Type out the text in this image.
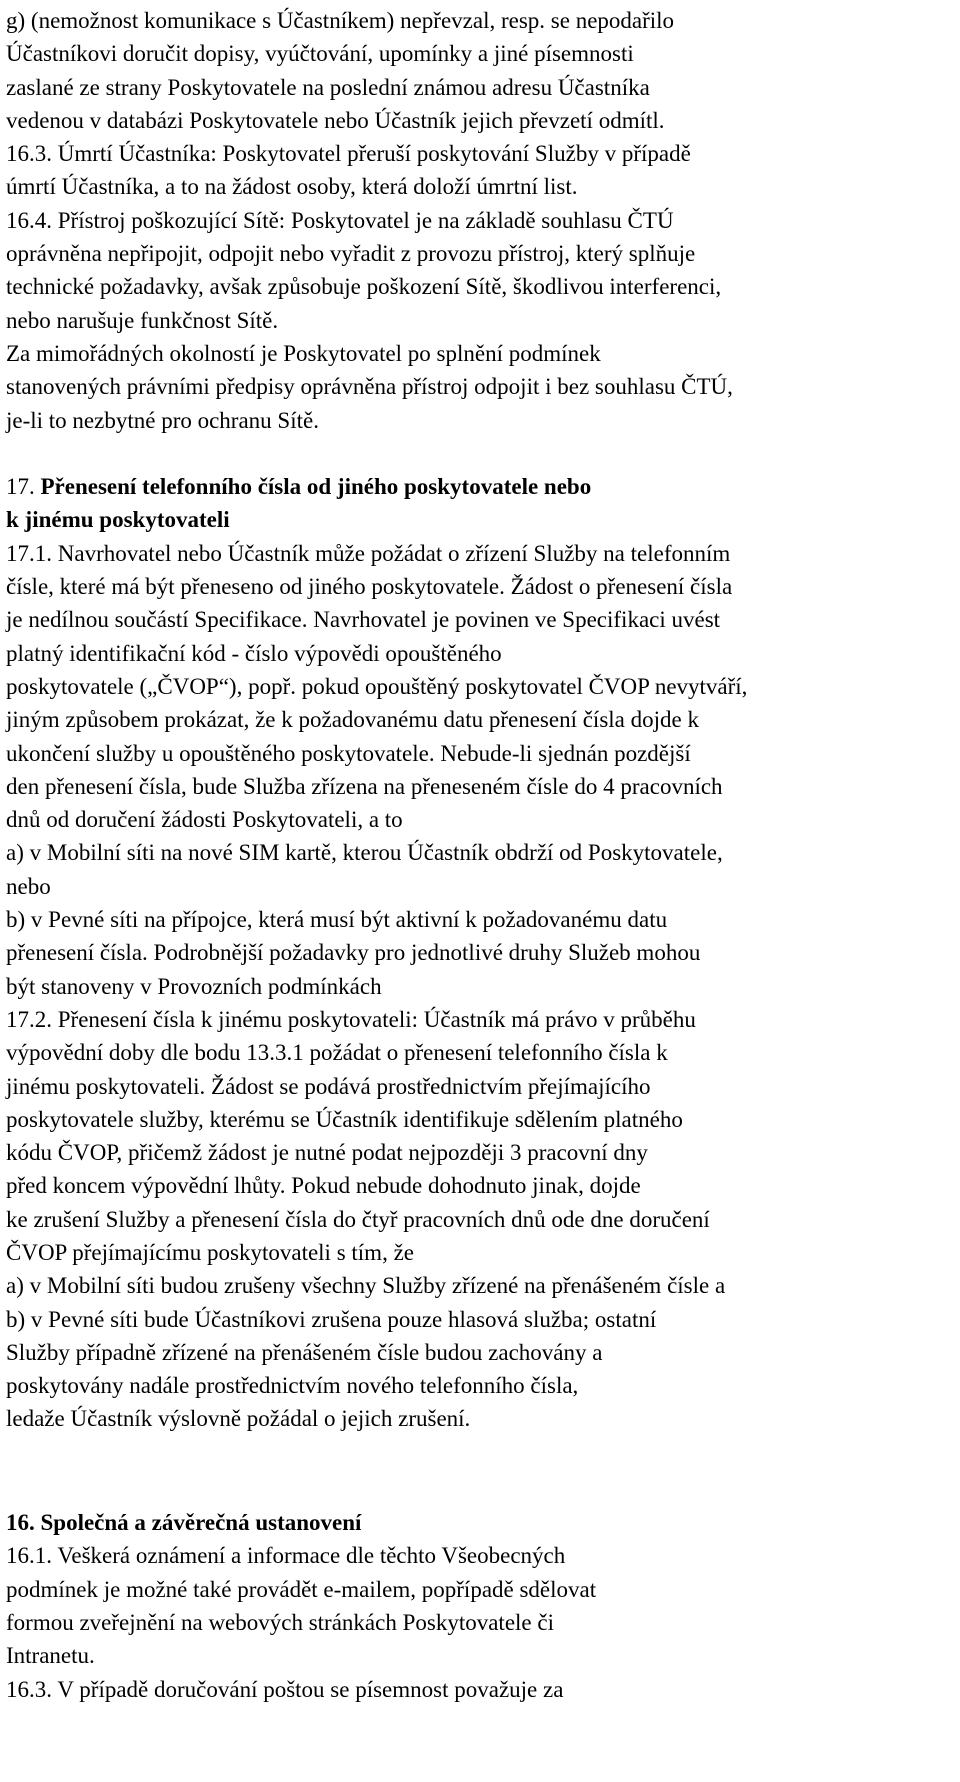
g) (nemožnost komunikace s Účastníkem) nepřevzal, resp. se nepodařilo
Účastníkovi doručit dopisy, vyúčtování, upomínky a jiné písemnosti
zaslané ze strany Poskytovatele na poslední známou adresu Účastníka
vedenou v databázi Poskytovatele nebo Účastník jejich převzetí odmítl.
16.3. Úmrtí Účastníka: Poskytovatel přeruší poskytování Služby v případě
úmrtí Účastníka, a to na žádost osoby, která doloží úmrtní list.
16.4. Přístroj poškozující Sítě: Poskytovatel je na základě souhlasu ČTÚ
oprávněna nepřipojit, odpojit nebo vyřadit z provozu přístroj, který splňuje
technické požadavky, avšak způsobuje poškození Sítě, škodlivou interferenci,
nebo narušuje funkčnost Sítě.
Za mimořádných okolností je Poskytovatel po splnění podmínek
stanovených právními předpisy oprávněna přístroj odpojit i bez souhlasu ČTÚ,
je-li to nezbytné pro ochranu Sítě.
17. Přenesení telefonního čísla od jiného poskytovatele nebo
k jinému poskytovateli
17.1. Navrhovatel nebo Účastník může požádat o zřízení Služby na telefonním
čísle, které má být přeneseno od jiného poskytovatele. Žádost o přenesení čísla
je nedílnou součástí Specifikace. Navrhovatel je povinen ve Specifikaci uvést
platný identifikační kód - číslo výpovědi opouštěného
poskytovatele („ČVOP“), popř. pokud opouštěný poskytovatel ČVOP nevytváří,
jiným způsobem prokázat, že k požadovanému datu přenesení čísla dojde k
ukončení služby u opouštěného poskytovatele. Nebude-li sjednán pozdější
den přenesení čísla, bude Služba zřízena na přeneseném čísle do 4 pracovních
dnů od doručení žádosti Poskytovateli, a to
a) v Mobilní síti na nové SIM kartě, kterou Účastník obdrží od Poskytovatele,
nebo
b) v Pevné síti na přípojce, která musí být aktivní k požadovanému datu
přenesení čísla. Podrobnější požadavky pro jednotlivé druhy Služeb mohou
být stanoveny v Provozních podmínkách
17.2. Přenesení čísla k jinému poskytovateli: Účastník má právo v průběhu
výpovědní doby dle bodu 13.3.1 požádat o přenesení telefonního čísla k
jinému poskytovateli. Žádost se podává prostřednictvím přejímajícího
poskytovatele služby, kterému se Účastník identifikuje sdělením platného
kódu ČVOP, přičemž žádost je nutné podat nejpozději 3 pracovní dny
před koncem výpovědní lhůty. Pokud nebude dohodnuto jinak, dojde
ke zrušení Služby a přenesení čísla do čtyř pracovních dnů ode dne doručení
ČVOP přejímajícímu poskytovateli s tím, že
a) v Mobilní síti budou zrušeny všechny Služby zřízené na přenášeném čísle a
b) v Pevné síti bude Účastníkovi zrušena pouze hlasová služba; ostatní
Služby případně zřízené na přenášeném čísle budou zachovány a
poskytovány nadále prostřednictvím nového telefonního čísla,
ledaže Účastník výslovně požádal o jejich zrušení.
16. Společná a závěrečná ustanovení
16.1. Veškerá oznámení a informace dle těchto Všeobecných
podmínek je možné také provádět e-mailem, popřípadě sdělovat
formou zveřejnění na webových stránkách Poskytovatele či
Intranetu.
16.3. V případě doručování poštou se písemnost považuje za
